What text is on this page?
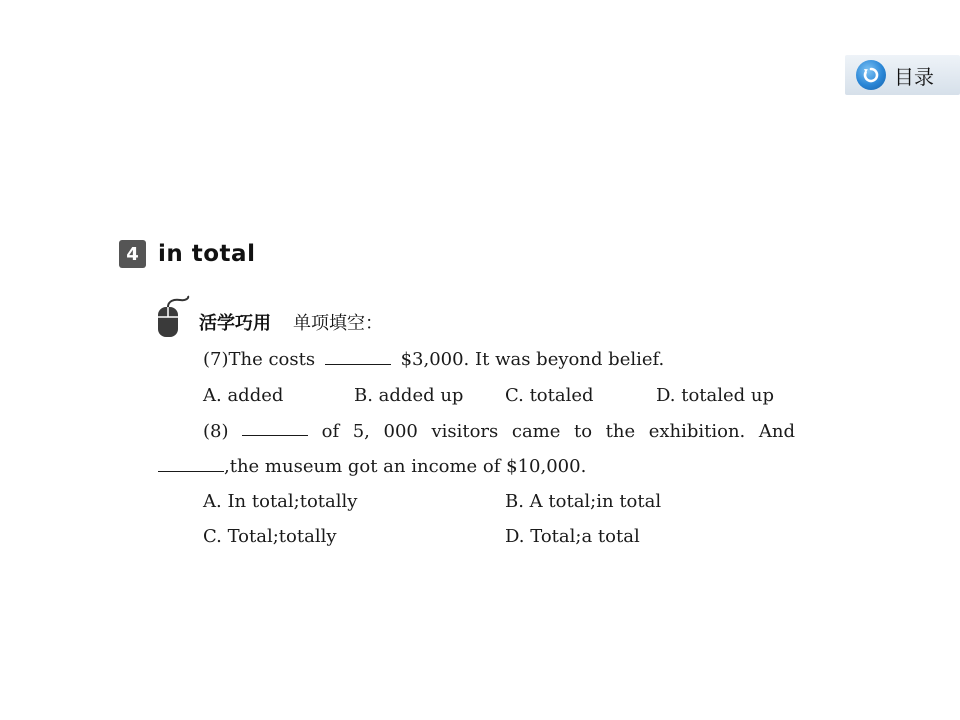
目录
4 in total
活学巧用 单项填空：
(7)The costs	$3,000. It was beyond belief.
A. added	B. added up C. totaled	D. totaled up
(8)	of 5, 000 visitors came to the exhibition. And
,the museum got an income of $10,000.
A. In total;totally	B. A total;in total
C. Total;totally	D. Total;a total
